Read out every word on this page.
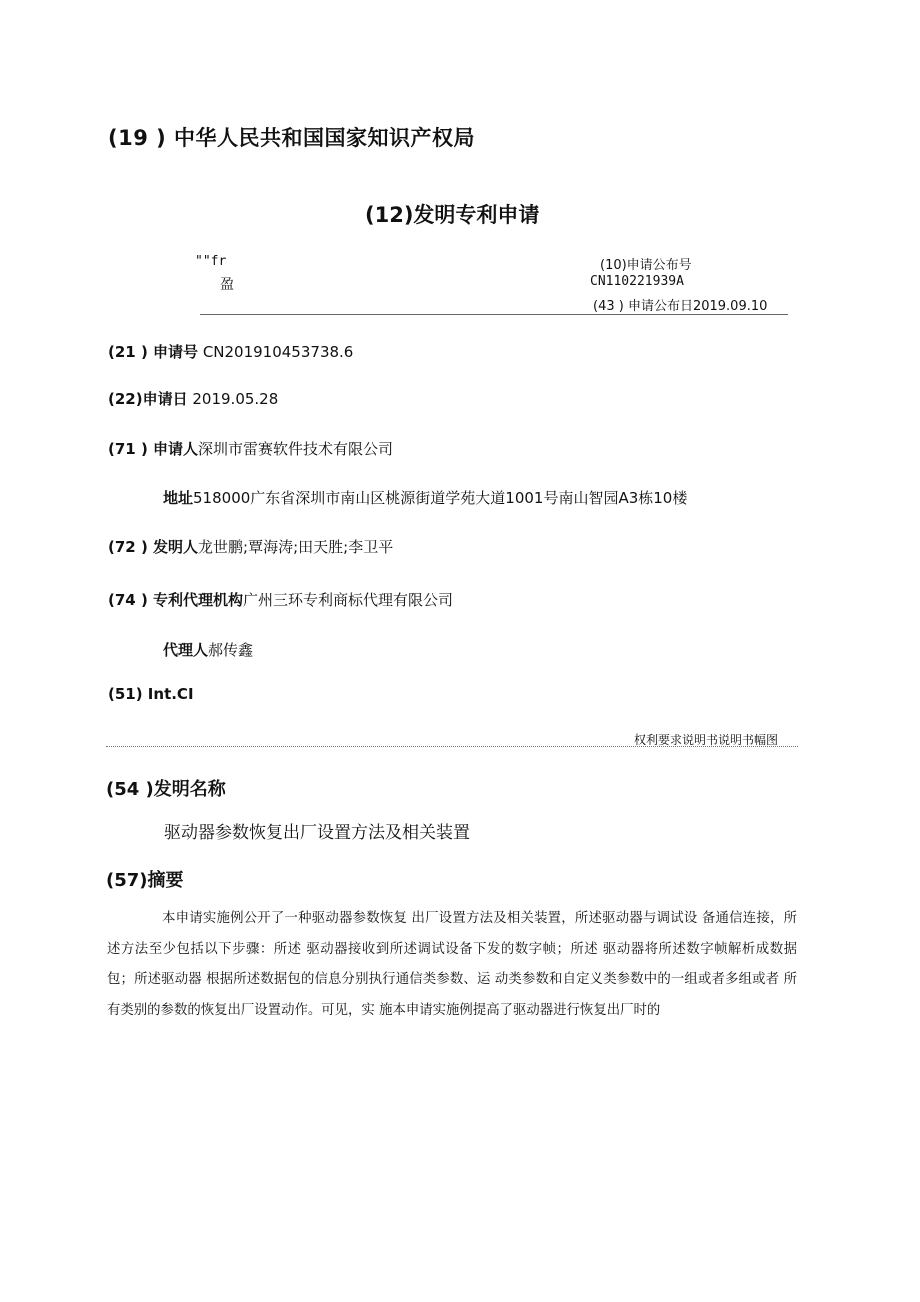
(19 ) 中华人民共和国国家知识产权局
(12)发明专利申请
""fr
盈
(10)申请公布号
CN110221939A
(43 ) 申请公布日2019.09.10
(21 ) 申请号 CN201910453738.6
(22)申请日 2019.05.28
(71 ) 申请人深圳市雷赛软件技术有限公司
地址518000广东省深圳市南山区桃源街道学苑大道1001号南山智园A3栋10楼
(72 ) 发明人龙世鹏;覃海涛;田天胜;李卫平
(74 ) 专利代理机构广州三环专利商标代理有限公司
代理人郝传鑫
(51) Int.CI
权利要求说明书说明书幅图
(54 )发明名称
驱动器参数恢复出厂设置方法及相关装置
(57)摘要

本申请实施例公开了一种驱动器参数恢复 出厂设置方法及相关装置，所述驱动器与调试设 备通信连接，所述方法至少包括以下步骤：所述 驱动器接收到所述调试设备下发的数字帧；所述 驱动器将所述数字帧解析成数据包；所述驱动器 根据所述数据包的信息分别执行通信类参数、运 动类参数和自定义类参数中的一组或者多组或者 所有类别的参数的恢复出厂设置动作。可见，实 施本申请实施例提高了驱动器进行恢复出厂时的
